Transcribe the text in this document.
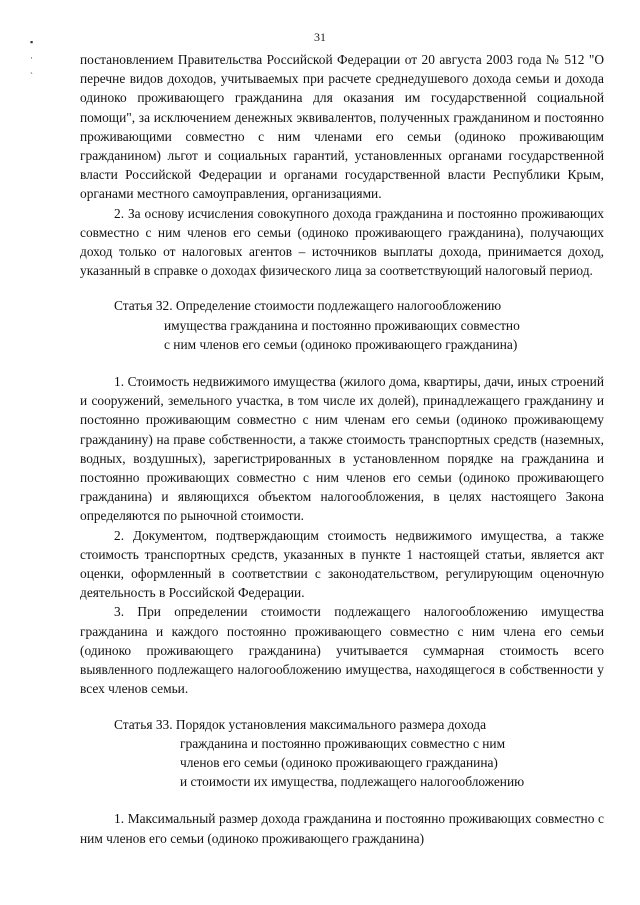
31
▪
·
`

постановлением Правительства Российской Федерации от 20 августа 2003 года № 512 "О перечне видов доходов, учитываемых при расчете среднедушевого дохода семьи и дохода одиноко проживающего гражданина для оказания им государственной социальной помощи", за исключением денежных эквивалентов, полученных гражданином и постоянно проживающими совместно с ним членами его семьи (одиноко проживающим гражданином) льгот и социальных гарантий, установленных органами государственной власти Российской Федерации и органами государственной власти Республики Крым, органами местного самоуправления, организациями.

2. За основу исчисления совокупного дохода гражданина и постоянно проживающих совместно с ним членов его семьи (одиноко проживающего гражданина), получающих доход только от налоговых агентов – источников выплаты дохода, принимается доход, указанный в справке о доходах физического лица за соответствующий налоговый период.

Статья 32. Определение стоимости подлежащего налогообложению
имущества гражданина и постоянно проживающих совместно
с ним членов его семьи (одиноко проживающего гражданина)

1. Стоимость недвижимого имущества (жилого дома, квартиры, дачи, иных строений и сооружений, земельного участка, в том числе их долей), принадлежащего гражданину и постоянно проживающим совместно с ним членам его семьи (одиноко проживающему гражданину) на праве собственности, а также стоимость транспортных средств (наземных, водных, воздушных), зарегистрированных в установленном порядке на гражданина и постоянно проживающих совместно с ним членов его семьи (одиноко проживающего гражданина) и являющихся объектом налогообложения, в целях настоящего Закона определяются по рыночной стоимости.

2. Документом, подтверждающим стоимость недвижимого имущества, а также стоимость транспортных средств, указанных в пункте 1 настоящей статьи, является акт оценки, оформленный в соответствии с законодательством, регулирующим оценочную деятельность в Российской Федерации.

3. При определении стоимости подлежащего налогообложению имущества гражданина и каждого постоянно проживающего совместно с ним члена его семьи (одиноко проживающего гражданина) учитывается суммарная стоимость всего выявленного подлежащего налогообложению имущества, находящегося в собственности у всех членов семьи.

Статья 33. Порядок установления максимального размера дохода
гражданина и постоянно проживающих совместно с ним
членов его семьи (одиноко проживающего гражданина)
и стоимости их имущества, подлежащего налогообложению

1. Максимальный размер дохода гражданина и постоянно проживающих совместно с ним членов его семьи (одиноко проживающего гражданина)
